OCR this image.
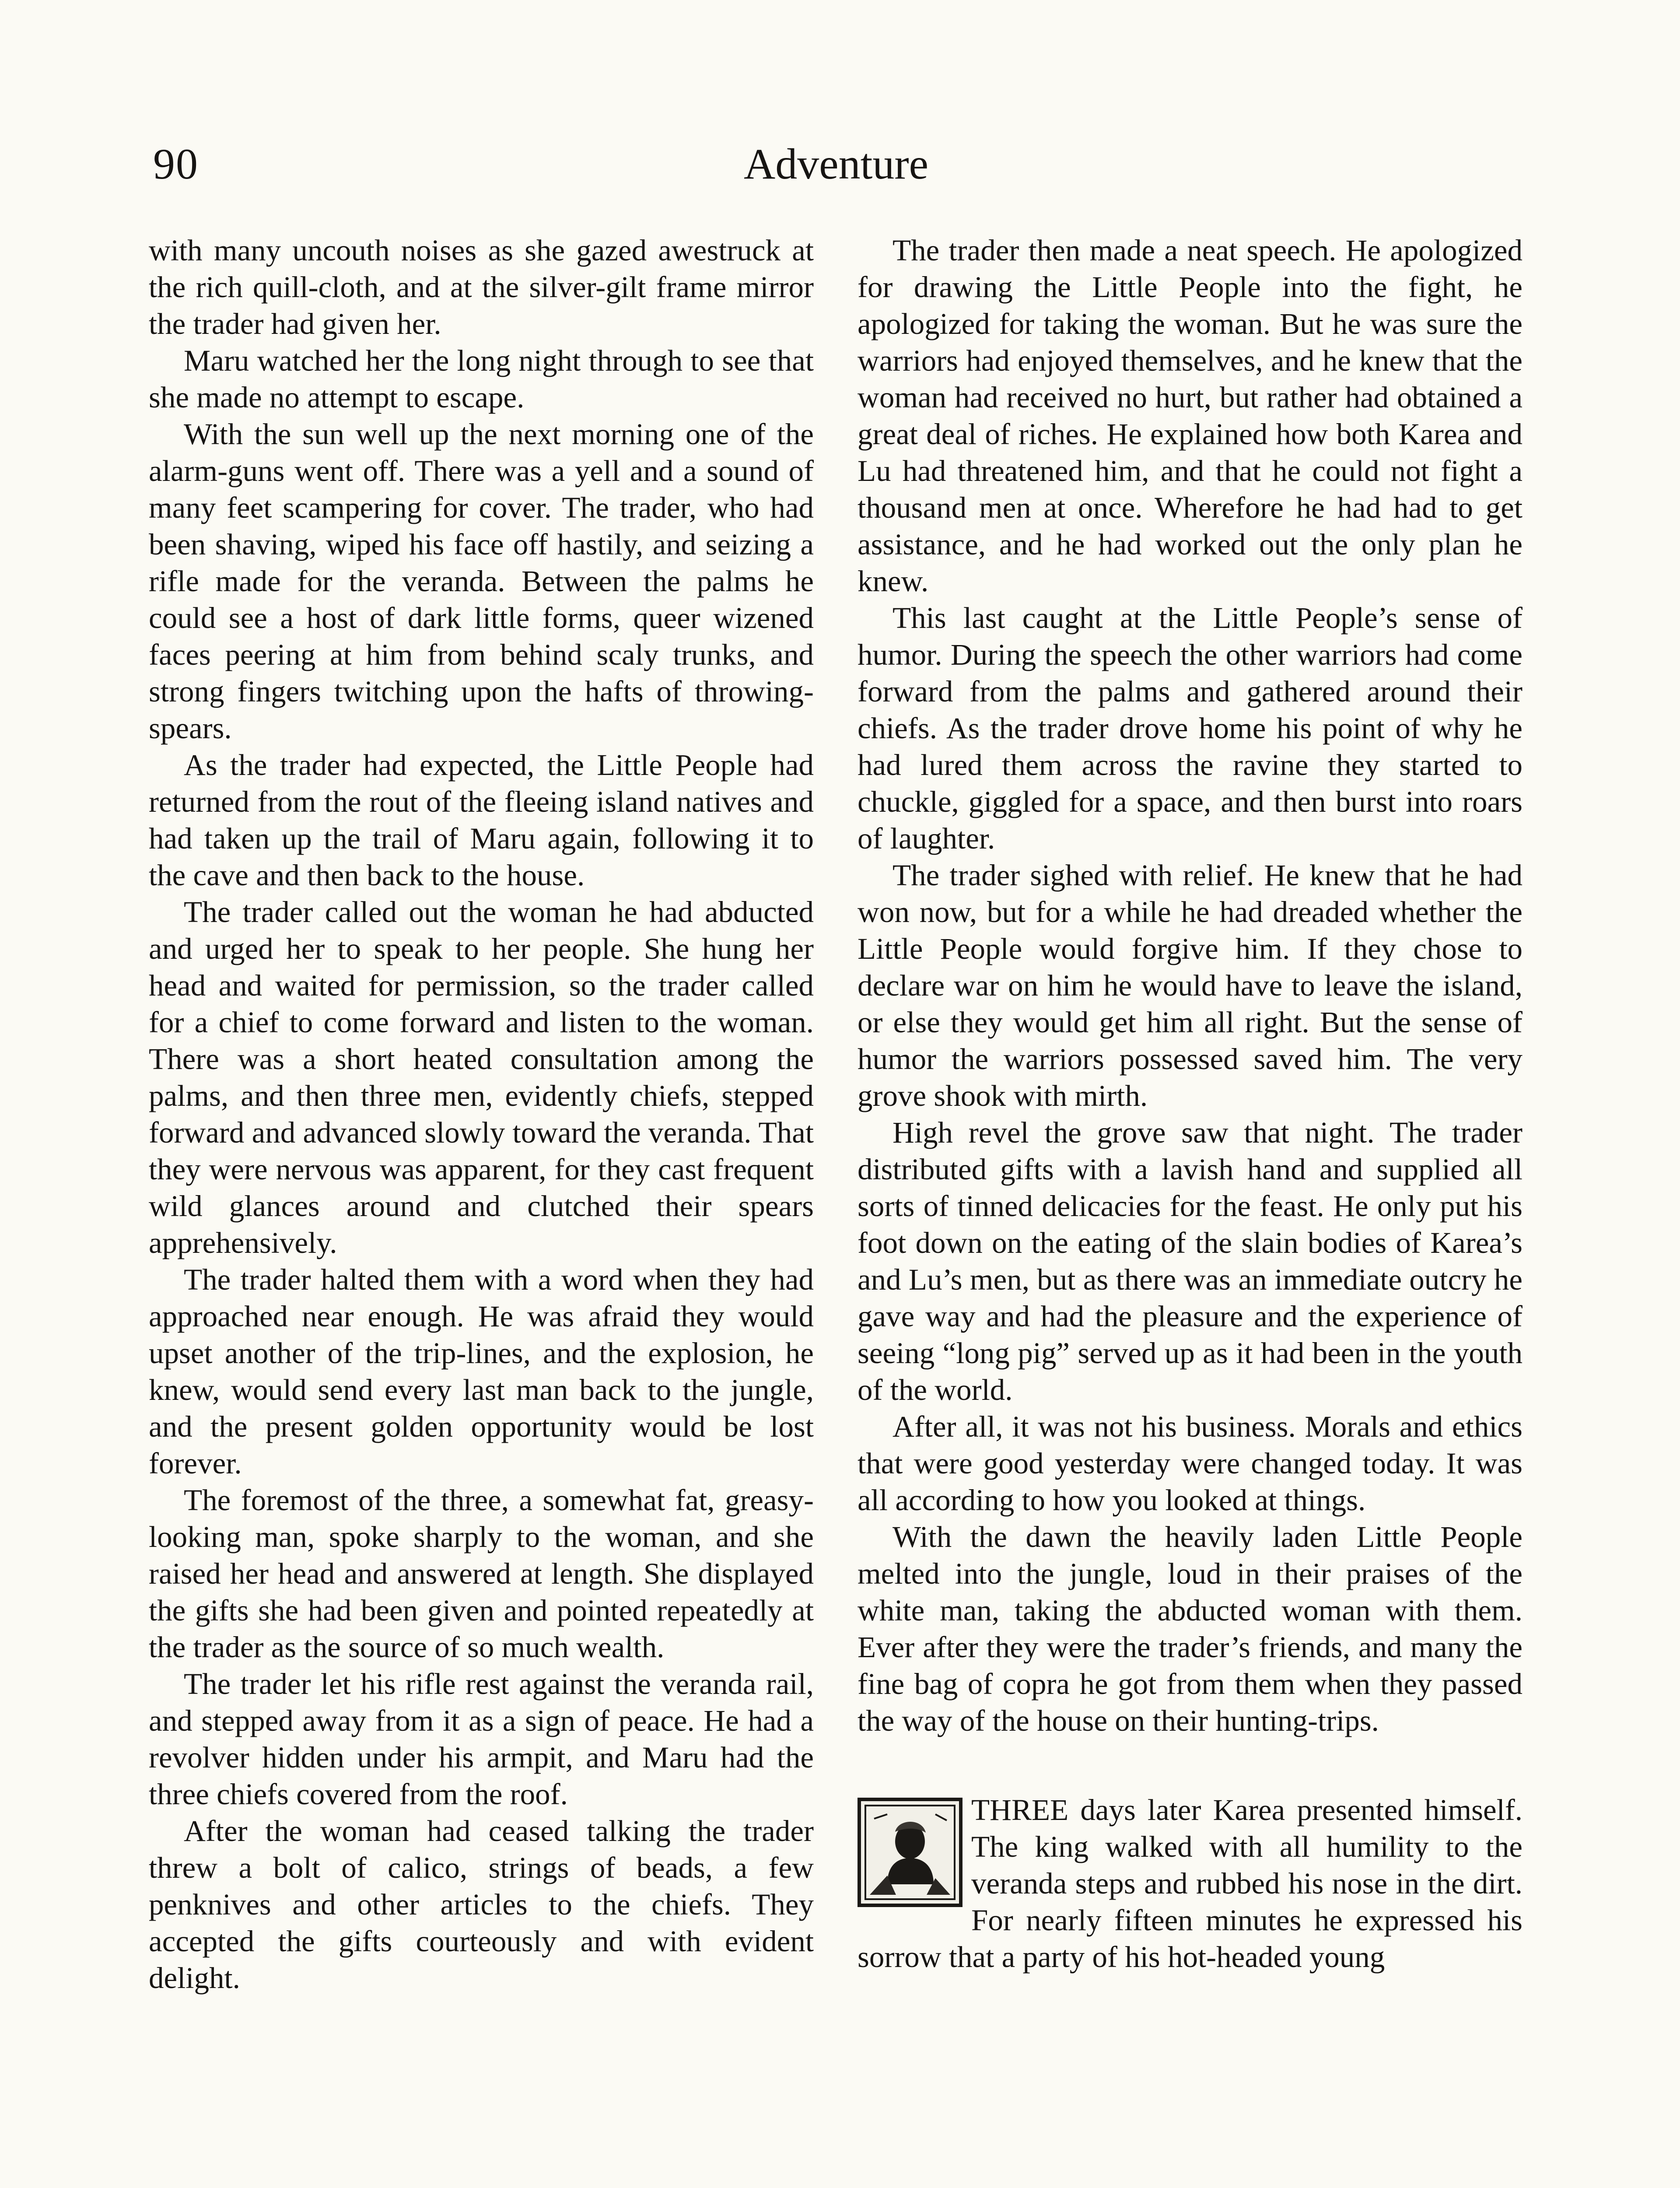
90	Adventure

with many uncouth noises as she gazed awestruck at the rich quill-cloth, and at the silver-gilt frame mirror the trader had given her.

Maru watched her the long night through to see that she made no attempt to escape.

With the sun well up the next morning one of the alarm-guns went off. There was a yell and a sound of many feet scampering for cover. The trader, who had been shaving, wiped his face off hastily, and seizing a rifle made for the veranda. Between the palms he could see a host of dark little forms, queer wizened faces peering at him from behind scaly trunks, and strong fingers twitching upon the hafts of throwing-spears.

As the trader had expected, the Little People had returned from the rout of the fleeing island natives and had taken up the trail of Maru again, following it to the cave and then back to the house.

The trader called out the woman he had abducted and urged her to speak to her people. She hung her head and waited for permission, so the trader called for a chief to come forward and listen to the woman. There was a short heated consultation among the palms, and then three men, evidently chiefs, stepped forward and advanced slowly toward the veranda. That they were nervous was apparent, for they cast frequent wild glances around and clutched their spears apprehensively.

The trader halted them with a word when they had approached near enough. He was afraid they would upset another of the trip-lines, and the explosion, he knew, would send every last man back to the jungle, and the present golden opportunity would be lost forever.

The foremost of the three, a somewhat fat, greasy-looking man, spoke sharply to the woman, and she raised her head and answered at length. She displayed the gifts she had been given and pointed repeatedly at the trader as the source of so much wealth.

The trader let his rifle rest against the veranda rail, and stepped away from it as a sign of peace. He had a revolver hidden under his armpit, and Maru had the three chiefs covered from the roof.

After the woman had ceased talking the trader threw a bolt of calico, strings of beads, a few penknives and other articles to the chiefs. They accepted the gifts courteously and with evident delight.

The trader then made a neat speech. He apologized for drawing the Little People into the fight, he apologized for taking the woman. But he was sure the warriors had enjoyed themselves, and he knew that the woman had received no hurt, but rather had obtained a great deal of riches. He explained how both Karea and Lu had threatened him, and that he could not fight a thousand men at once. Wherefore he had had to get assistance, and he had worked out the only plan he knew.

This last caught at the Little People’s sense of humor. During the speech the other warriors had come forward from the palms and gathered around their chiefs. As the trader drove home his point of why he had lured them across the ravine they started to chuckle, giggled for a space, and then burst into roars of laughter.

The trader sighed with relief. He knew that he had won now, but for a while he had dreaded whether the Little People would forgive him. If they chose to declare war on him he would have to leave the island, or else they would get him all right. But the sense of humor the warriors possessed saved him. The very grove shook with mirth.

High revel the grove saw that night. The trader distributed gifts with a lavish hand and supplied all sorts of tinned delicacies for the feast. He only put his foot down on the eating of the slain bodies of Karea’s and Lu’s men, but as there was an immediate outcry he gave way and had the pleasure and the experience of seeing “long pig” served up as it had been in the youth of the world.

After all, it was not his business. Morals and ethics that were good yesterday were changed today. It was all according to how you looked at things.

With the dawn the heavily laden Little People melted into the jungle, loud in their praises of the white man, taking the abducted woman with them. Ever after they were the trader’s friends, and many the fine bag of copra he got from them when they passed the way of the house on their hunting-trips.

THREE days later Karea presented himself. The king walked with all humility to the veranda steps and rubbed his nose in the dirt. For nearly fifteen minutes he expressed his sorrow that a party of his hot-headed young
